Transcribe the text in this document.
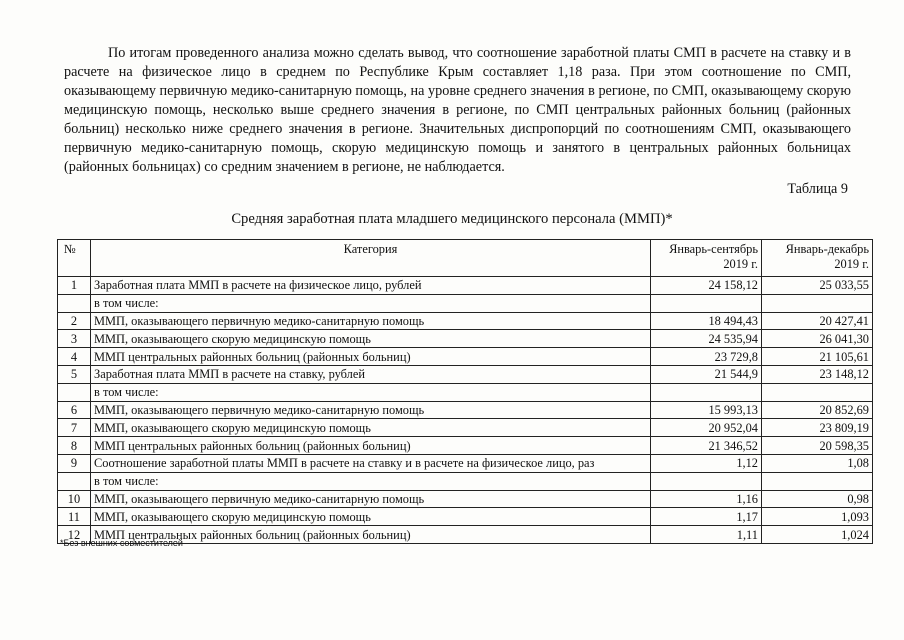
По итогам проведенного анализа можно сделать вывод, что соотношение заработной платы СМП в расчете на ставку и в расчете на физическое лицо в среднем по Республике Крым составляет 1,18 раза. При этом соотношение по СМП, оказывающему первичную медико-санитарную помощь, на уровне среднего значения в регионе, по СМП, оказывающему скорую медицинскую помощь, несколько выше среднего значения в регионе, по СМП центральных районных больниц (районных больниц) несколько ниже среднего значения в регионе. Значительных диспропорций по соотношениям СМП, оказывающего первичную медико-санитарную помощь, скорую медицинскую помощь и занятого в центральных районных больницах (районных больницах) со средним значением в регионе, не наблюдается.

Таблица 9
Средняя заработная плата младшего медицинского персонала (ММП)*
№	Категория	Январь-сентябрь 2019 г.	Январь-декабрь 2019 г.
1	Заработная плата ММП в расчете на физическое лицо, рублей	24 158,12	25 033,55
	в том числе:		
2	ММП, оказывающего первичную медико-санитарную помощь	18 494,43	20 427,41
3	ММП, оказывающего скорую медицинскую помощь	24 535,94	26 041,30
4	ММП центральных районных больниц (районных больниц)	23 729,8	21 105,61
5	Заработная плата ММП в расчете на ставку, рублей	21 544,9	23 148,12
	в том числе:		
6	ММП, оказывающего первичную медико-санитарную помощь	15 993,13	20 852,69
7	ММП, оказывающего скорую медицинскую помощь	20 952,04	23 809,19
8	ММП центральных районных больниц (районных больниц)	21 346,52	20 598,35
9	Соотношение заработной платы ММП в расчете на ставку и в расчете на физическое лицо, раз	1,12	1,08
	в том числе:		
10	ММП, оказывающего первичную медико-санитарную помощь	1,16	0,98
11	ММП, оказывающего скорую медицинскую помощь	1,17	1,093
12	ММП центральных районных больниц (районных больниц)	1,11	1,024
*Без внешних совместителей
